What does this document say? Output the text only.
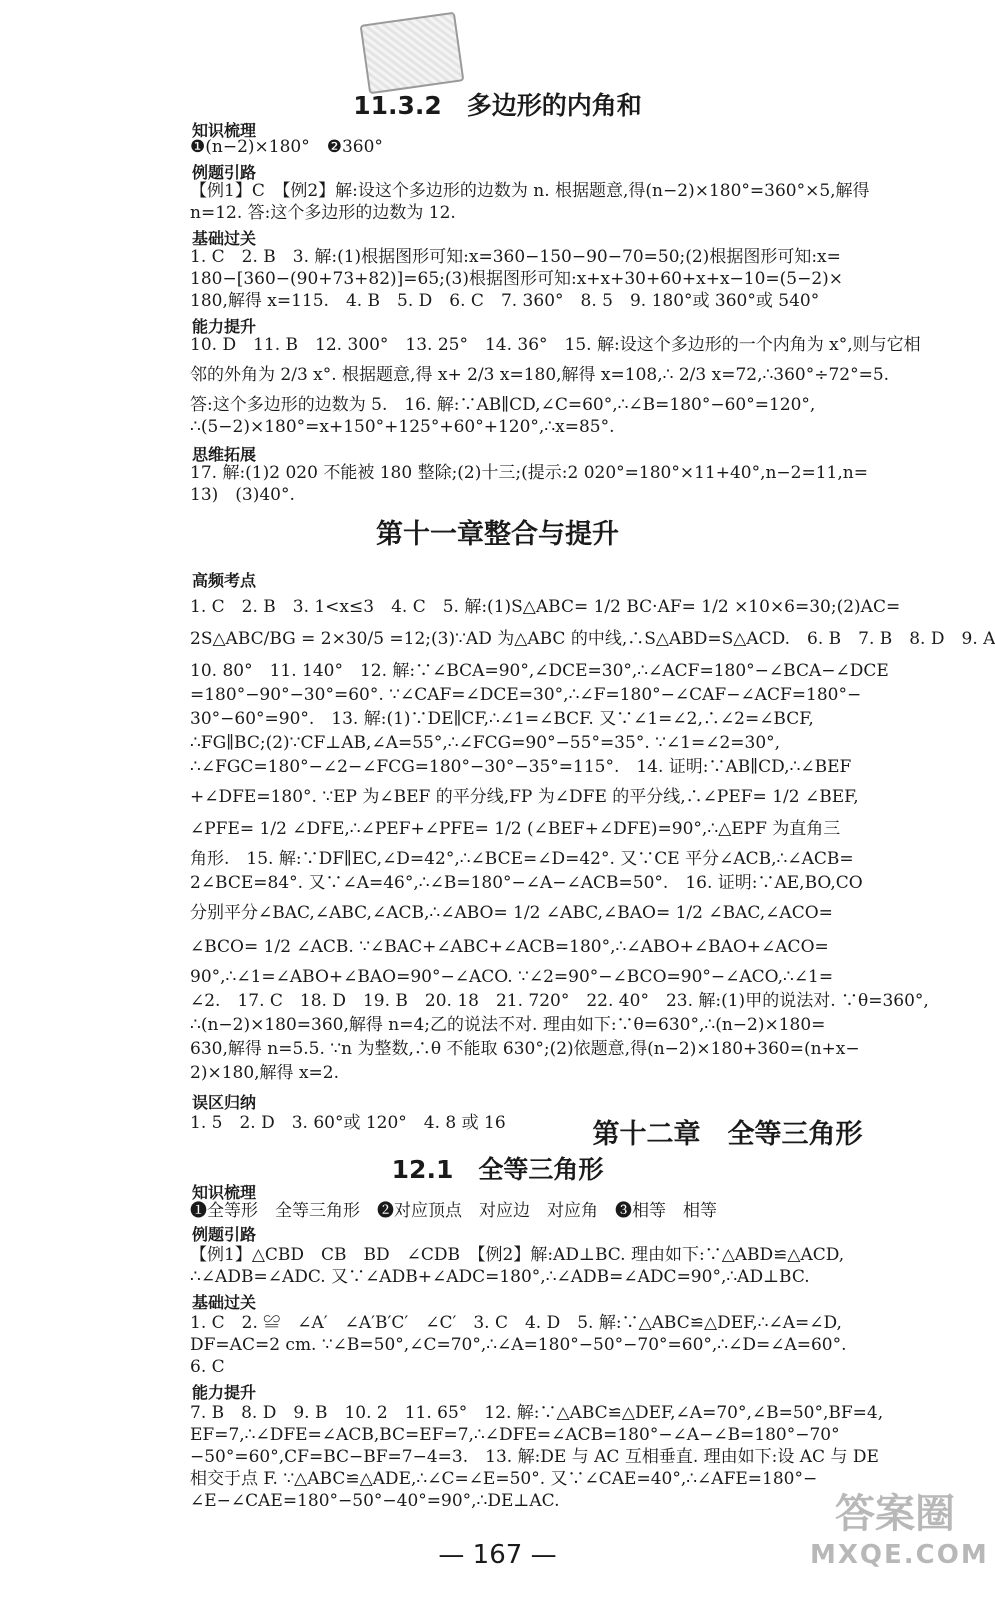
11.3.2　多边形的内角和
知识梳理
❶(n−2)×180°　❷360°
例题引路
【例1】C　【例2】解:设这个多边形的边数为 n. 根据题意,得(n−2)×180°=360°×5,解得
n=12. 答:这个多边形的边数为 12.
基础过关
1. C　2. B　3. 解:(1)根据图形可知:x=360−150−90−70=50;(2)根据图形可知:x=
180−[360−(90+73+82)]=65;(3)根据图形可知:x+x+30+60+x+x−10=(5−2)×
180,解得 x=115.　4. B　5. D　6. C　7. 360°　8. 5　9. 180°或 360°或 540°
能力提升
10. D　11. B　12. 300°　13. 25°　14. 36°　15. 解:设这个多边形的一个内角为 x°,则与它相
邻的外角为 2/3 x°. 根据题意,得 x+ 2/3 x=180,解得 x=108,∴ 2/3 x=72,∴360°÷72°=5.
答:这个多边形的边数为 5.　16. 解:∵AB∥CD,∠C=60°,∴∠B=180°−60°=120°,
∴(5−2)×180°=x+150°+125°+60°+120°,∴x=85°.
思维拓展
17. 解:(1)2 020 不能被 180 整除;(2)十三;(提示:2 020°=180°×11+40°,n−2=11,n=
13)　(3)40°.
第十一章整合与提升
高频考点
1. C　2. B　3. 1<x≤3　4. C　5. 解:(1)S△ABC= 1/2 BC·AF= 1/2 ×10×6=30;(2)AC=
2S△ABC/BG = 2×30/5 =12;(3)∵AD 为△ABC 的中线,∴S△ABD=S△ACD.　6. B　7. B　8. D　9. A
10. 80°　11. 140°　12. 解:∵∠BCA=90°,∠DCE=30°,∴∠ACF=180°−∠BCA−∠DCE
=180°−90°−30°=60°. ∵∠CAF=∠DCE=30°,∴∠F=180°−∠CAF−∠ACF=180°−
30°−60°=90°.　13. 解:(1)∵DE∥CF,∴∠1=∠BCF. 又∵∠1=∠2,∴∠2=∠BCF,
∴FG∥BC;(2)∵CF⊥AB,∠A=55°,∴∠FCG=90°−55°=35°. ∵∠1=∠2=30°,
∴∠FGC=180°−∠2−∠FCG=180°−30°−35°=115°.　14. 证明:∵AB∥CD,∴∠BEF
+∠DFE=180°. ∵EP 为∠BEF 的平分线,FP 为∠DFE 的平分线,∴∠PEF= 1/2 ∠BEF,
∠PFE= 1/2 ∠DFE,∴∠PEF+∠PFE= 1/2 (∠BEF+∠DFE)=90°,∴△EPF 为直角三
角形.　15. 解:∵DF∥EC,∠D=42°,∴∠BCE=∠D=42°. 又∵CE 平分∠ACB,∴∠ACB=
2∠BCE=84°. 又∵∠A=46°,∴∠B=180°−∠A−∠ACB=50°.　16. 证明:∵AE,BO,CO
分别平分∠BAC,∠ABC,∠ACB,∴∠ABO= 1/2 ∠ABC,∠BAO= 1/2 ∠BAC,∠ACO=
∠BCO= 1/2 ∠ACB. ∵∠BAC+∠ABC+∠ACB=180°,∴∠ABO+∠BAO+∠ACO=
90°,∴∠1=∠ABO+∠BAO=90°−∠ACO. ∵∠2=90°−∠BCO=90°−∠ACO,∴∠1=
∠2.　17. C　18. D　19. B　20. 18　21. 720°　22. 40°　23. 解:(1)甲的说法对. ∵θ=360°,
∴(n−2)×180=360,解得 n=4;乙的说法不对. 理由如下:∵θ=630°,∴(n−2)×180=
630,解得 n=5.5. ∵n 为整数,∴θ 不能取 630°;(2)依题意,得(n−2)×180+360=(n+x−
2)×180,解得 x=2.
误区归纳
1. 5　2. D　3. 60°或 120°　4. 8 或 16	第十二章　全等三角形
12.1　全等三角形
知识梳理
❶全等形　全等三角形　❷对应顶点　对应边　对应角　❸相等　相等
例题引路
【例1】△CBD　CB　BD　∠CDB　【例2】解:AD⊥BC. 理由如下:∵△ABD≌△ACD,
∴∠ADB=∠ADC. 又∵∠ADB+∠ADC=180°,∴∠ADB=∠ADC=90°,∴AD⊥BC.
基础过关
1. C　2. ≌　∠A′　∠A′B′C′　∠C′　3. C　4. D　5. 解:∵△ABC≌△DEF,∴∠A=∠D,
DF=AC=2 cm. ∵∠B=50°,∠C=70°,∴∠A=180°−50°−70°=60°,∴∠D=∠A=60°.
6. C
能力提升
7. B　8. D　9. B　10. 2　11. 65°　12. 解:∵△ABC≌△DEF,∠A=70°,∠B=50°,BF=4,
EF=7,∴∠DFE=∠ACB,BC=EF=7,∴∠DFE=∠ACB=180°−∠A−∠B=180°−70°
−50°=60°,CF=BC−BF=7−4=3.　13. 解:DE 与 AC 互相垂直. 理由如下:设 AC 与 DE
相交于点 F. ∵△ABC≌△ADE,∴∠C=∠E=50°. 又∵∠CAE=40°,∴∠AFE=180°−
∠E−∠CAE=180°−50°−40°=90°,∴DE⊥AC.
— 167 —
答案圈
MXQE.COM
